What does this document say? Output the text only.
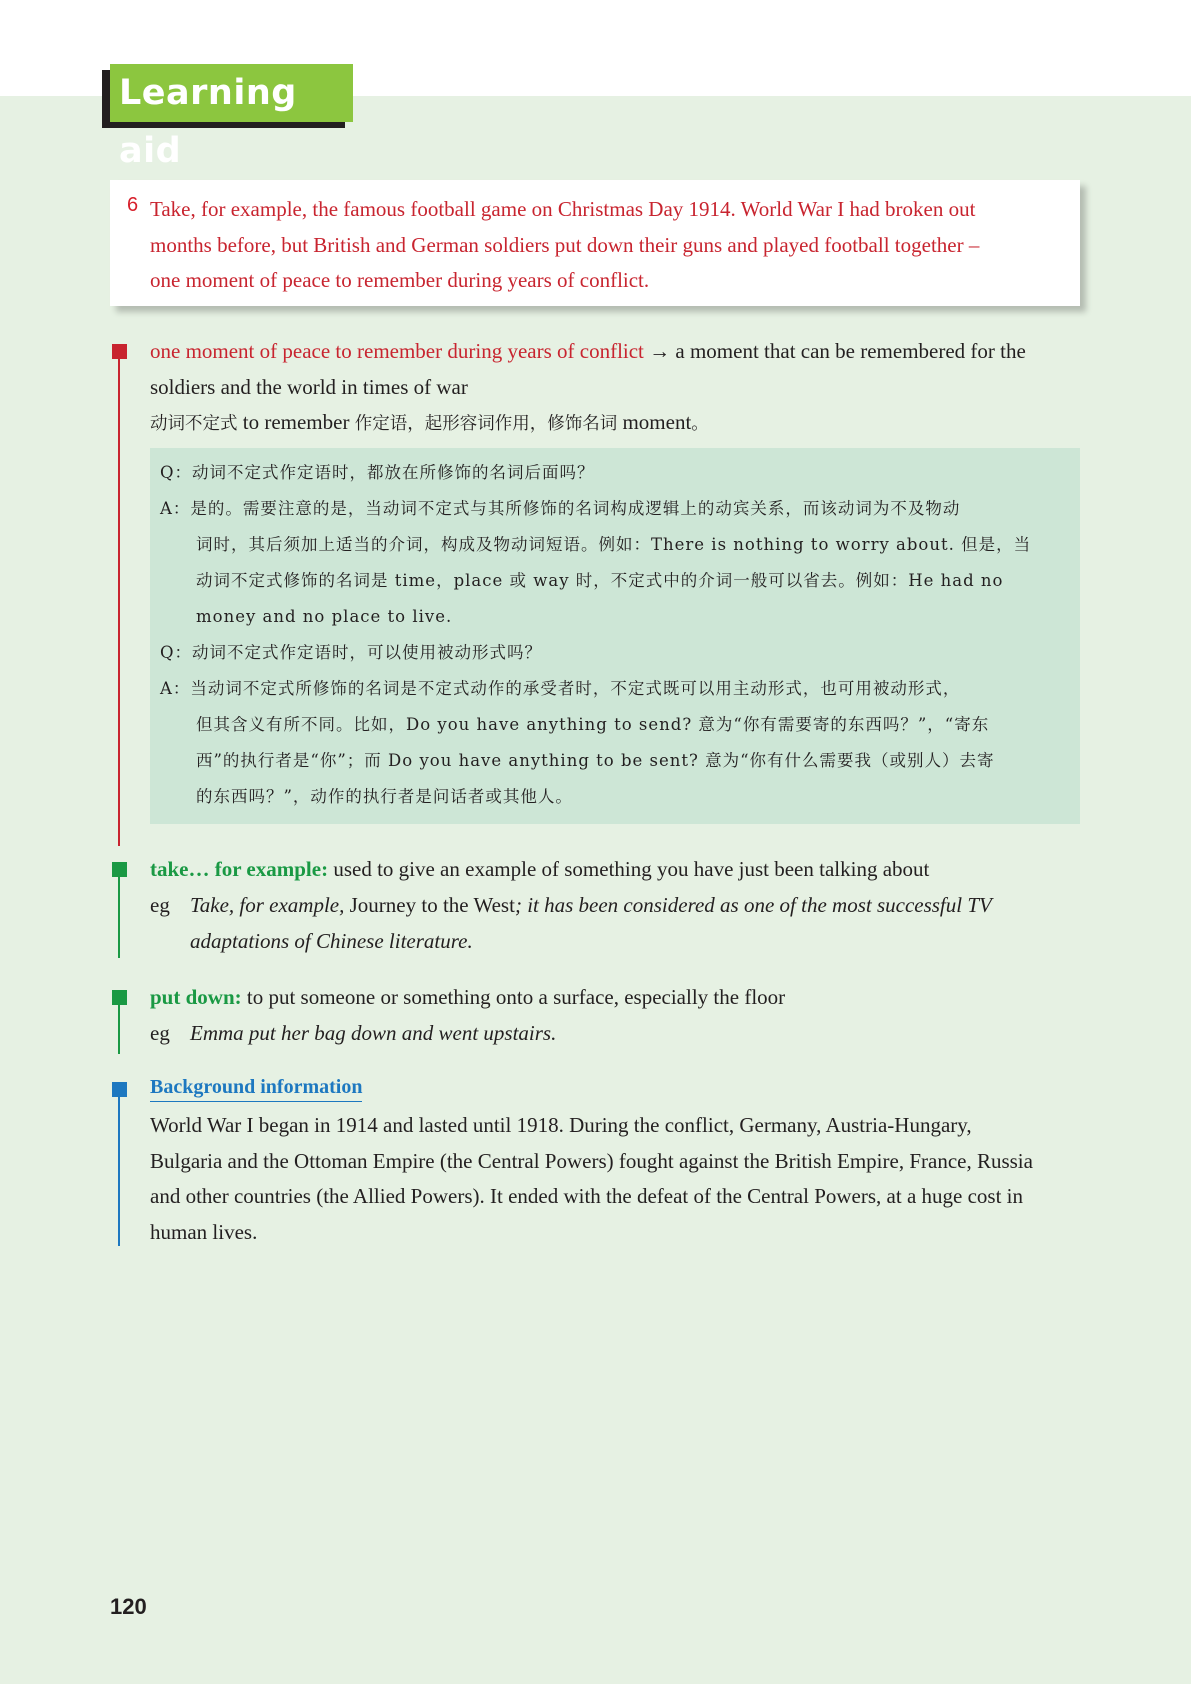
Learning aid
6 Take, for example, the famous football game on Christmas Day 1914. World War I had broken out
months before, but British and German soldiers put down their guns and played football together –
one moment of peace to remember during years of conflict.
one moment of peace to remember during years of conflict → a moment that can be remembered for the
soldiers and the world in times of war
动词不定式 to remember 作定语，起形容词作用，修饰名词 moment。
Q：动词不定式作定语时，都放在所修饰的名词后面吗？
A：是的。需要注意的是，当动词不定式与其所修饰的名词构成逻辑上的动宾关系，而该动词为不及物动
词时，其后须加上适当的介词，构成及物动词短语。例如：There is nothing to worry about. 但是，当
动词不定式修饰的名词是 time，place 或 way 时，不定式中的介词一般可以省去。例如：He had no
money and no place to live.
Q：动词不定式作定语时，可以使用被动形式吗？
A：当动词不定式所修饰的名词是不定式动作的承受者时，不定式既可以用主动形式，也可用被动形式，
但其含义有所不同。比如，Do you have anything to send? 意为“你有需要寄的东西吗？”，“寄东
西”的执行者是“你”；而 Do you have anything to be sent? 意为“你有什么需要我（或别人）去寄
的东西吗？”，动作的执行者是问话者或其他人。
take… for example: used to give an example of something you have just been talking about
eg Take, for example, Journey to the West; it has been considered as one of the most successful TV
adaptations of Chinese literature.
put down: to put someone or something onto a surface, especially the floor
eg Emma put her bag down and went upstairs.
Background information
World War I began in 1914 and lasted until 1918. During the conflict, Germany, Austria-Hungary,
Bulgaria and the Ottoman Empire (the Central Powers) fought against the British Empire, France, Russia
and other countries (the Allied Powers). It ended with the defeat of the Central Powers, at a huge cost in
human lives.
120
